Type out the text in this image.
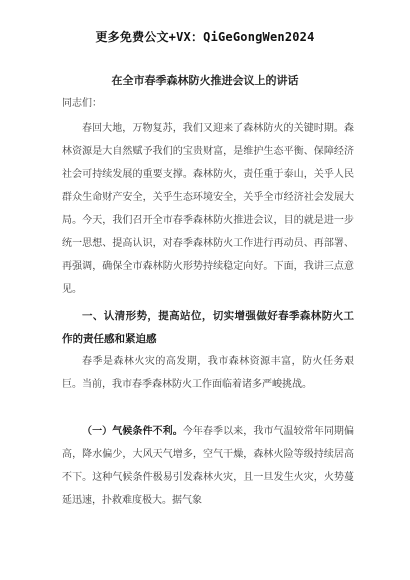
更多免费公文+VX：QiGeGongWen2024
在全市春季森林防火推进会议上的讲话
同志们：
春回大地，万物复苏，我们又迎来了森林防火的关键时期。森林资源是大自然赋予我们的宝贵财富，是维护生态平衡、保障经济社会可持续发展的重要支撑。森林防火，责任重于泰山，关乎人民群众生命财产安全，关乎生态环境安全，关乎全市经济社会发展大局。今天，我们召开全市春季森林防火推进会议，目的就是进一步统一思想、提高认识，对春季森林防火工作进行再动员、再部署、再强调，确保全市森林防火形势持续稳定向好。下面，我讲三点意见。
一、认清形势，提高站位，切实增强做好春季森林防火工作的责任感和紧迫感
春季是森林火灾的高发期，我市森林资源丰富，防火任务艰巨。当前，我市春季森林防火工作面临着诸多严峻挑战。
（一）气候条件不利。今年春季以来，我市气温较常年同期偏高，降水偏少，大风天气增多，空气干燥，森林火险等级持续居高不下。这种气候条件极易引发森林火灾，且一旦发生火灾，火势蔓延迅速，扑救难度极大。据气象
